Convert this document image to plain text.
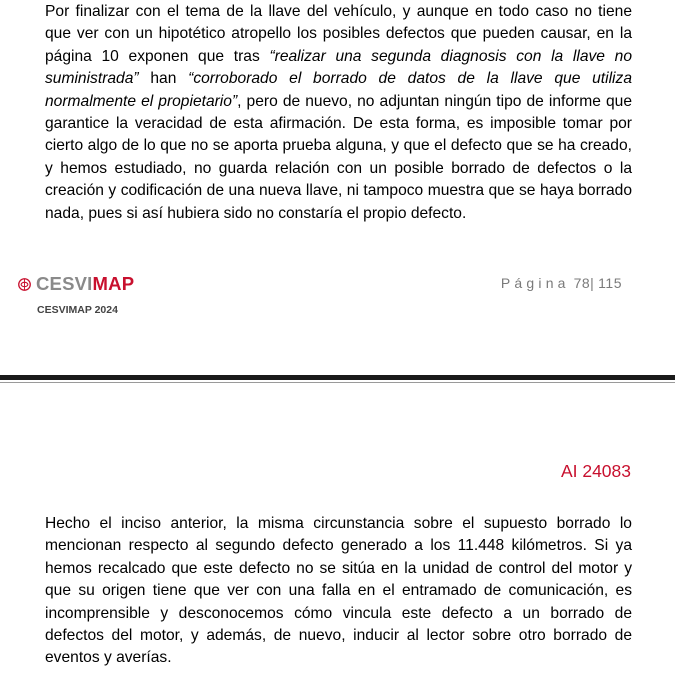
Por finalizar con el tema de la llave del vehículo, y aunque en todo caso no tiene
que ver con un hipotético atropello los posibles defectos que pueden causar, en la
página 10 exponen que tras “realizar una segunda diagnosis con la llave no
suministrada” han “corroborado el borrado de datos de la llave que utiliza
normalmente el propietario”, pero de nuevo, no adjuntan ningún tipo de informe que
garantice la veracidad de esta afirmación. De esta forma, es imposible tomar por
cierto algo de lo que no se aporta prueba alguna, y que el defecto que se ha creado,
y hemos estudiado, no guarda relación con un posible borrado de defectos o la
creación y codificación de una nueva llave, ni tampoco muestra que se haya borrado
nada, pues si así hubiera sido no constaría el propio defecto.
CESVIMAP
CESVIMAP 2024
Página 78| 115
AI 24083
Hecho el inciso anterior, la misma circunstancia sobre el supuesto borrado lo
mencionan respecto al segundo defecto generado a los 11.448 kilómetros. Si ya
hemos recalcado que este defecto no se sitúa en la unidad de control del motor y
que su origen tiene que ver con una falla en el entramado de comunicación, es
incomprensible y desconocemos cómo vincula este defecto a un borrado de
defectos del motor, y además, de nuevo, inducir al lector sobre otro borrado de
eventos y averías.
